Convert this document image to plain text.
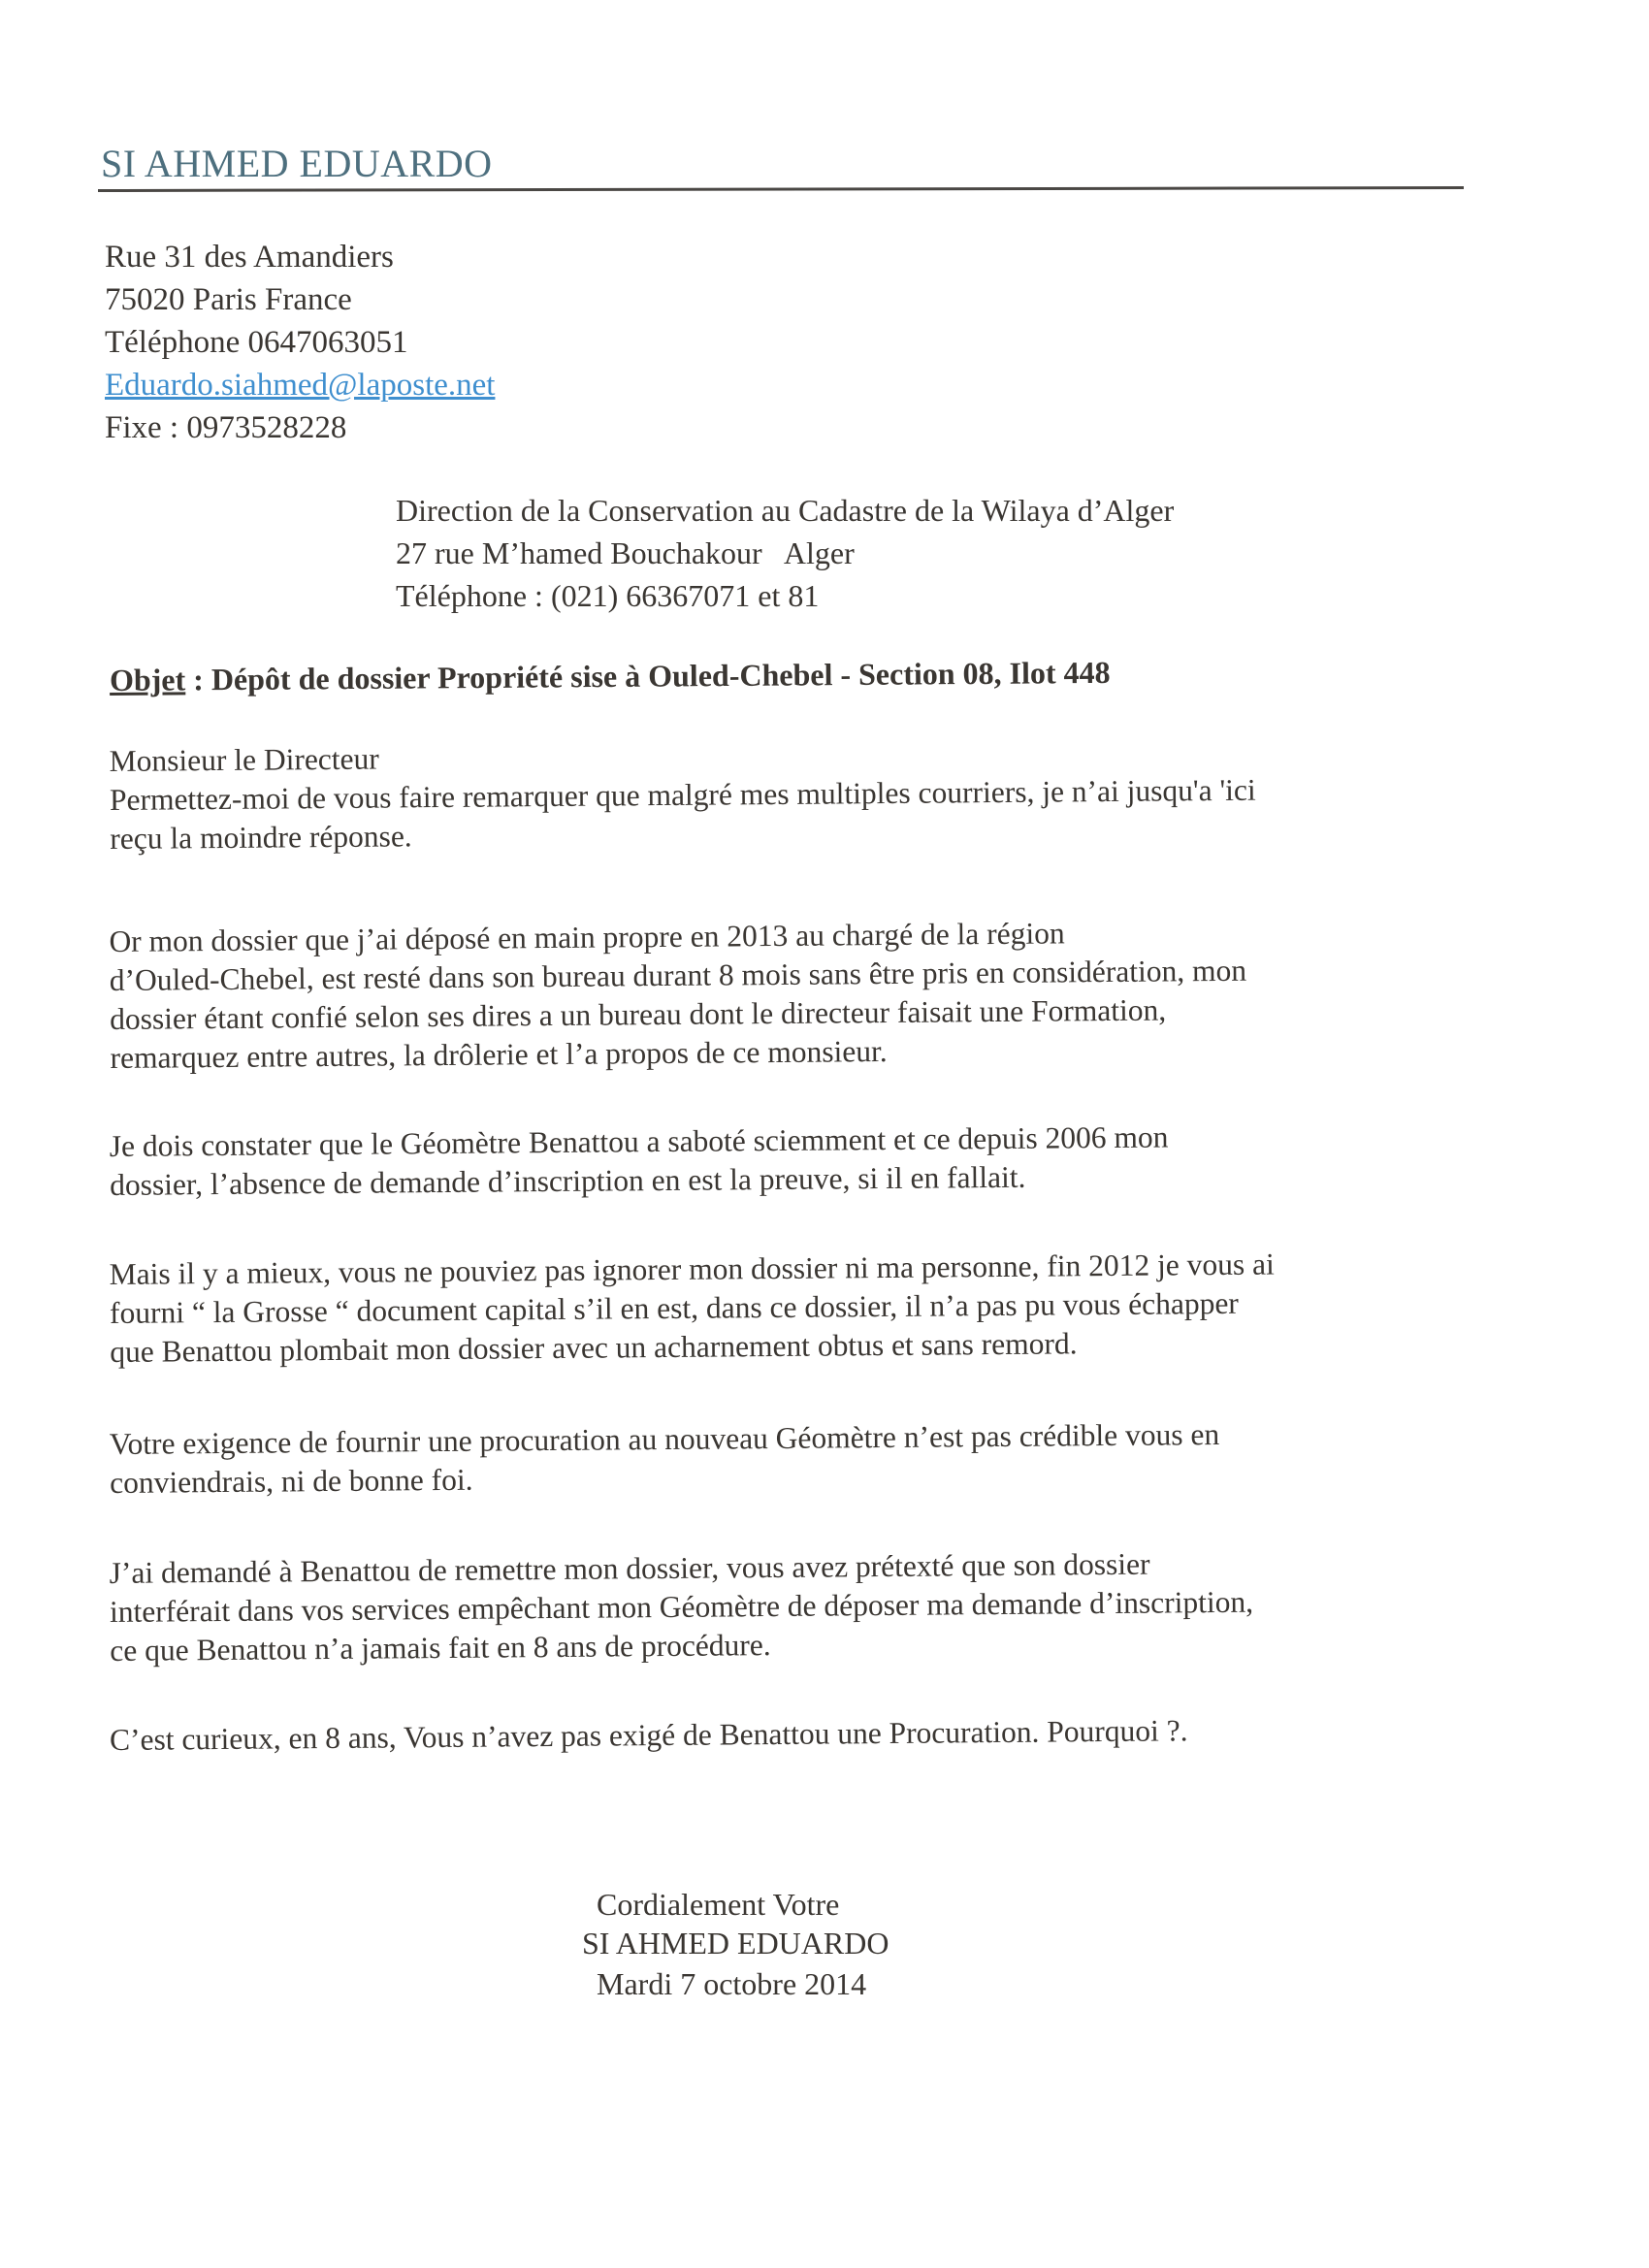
SI AHMED EDUARDO
Rue 31 des Amandiers
75020 Paris France
Téléphone 0647063051
Eduardo.siahmed@laposte.net
Fixe : 0973528228
Direction de la Conservation au Cadastre de la Wilaya d’Alger
27 rue M’hamed Bouchakour   Alger
Téléphone : (021) 66367071 et 81
Objet : Dépôt de dossier Propriété sise à Ouled-Chebel - Section 08, Ilot 448
Monsieur le Directeur
Permettez-moi de vous faire remarquer que malgré mes multiples courriers, je n’ai jusqu'a 'ici
reçu la moindre réponse.
Or mon dossier que j’ai déposé en main propre en 2013 au chargé de la région
d’Ouled-Chebel, est resté dans son bureau durant 8 mois sans être pris en considération, mon
dossier étant confié selon ses dires a un bureau dont le directeur faisait une Formation,
remarquez entre autres, la drôlerie et l’a propos de ce monsieur.
Je dois constater que le Géomètre Benattou a saboté sciemment et ce depuis 2006 mon
dossier, l’absence de demande d’inscription en est la preuve, si il en fallait.
Mais il y a mieux, vous ne pouviez pas ignorer mon dossier ni ma personne, fin 2012 je vous ai
fourni “ la Grosse “ document capital s’il en est, dans ce dossier, il n’a pas pu vous échapper
que Benattou plombait mon dossier avec un acharnement obtus et sans remord.
Votre exigence de fournir une procuration au nouveau Géomètre n’est pas crédible vous en
conviendrais, ni de bonne foi.
J’ai demandé à Benattou de remettre mon dossier, vous avez prétexté que son dossier
interférait dans vos services empêchant mon Géomètre de déposer ma demande d’inscription,
ce que Benattou n’a jamais fait en 8 ans de procédure.
C’est curieux, en 8 ans, Vous n’avez pas exigé de Benattou une Procuration. Pourquoi ?.
Cordialement Votre
SI AHMED EDUARDO
Mardi 7 octobre 2014
